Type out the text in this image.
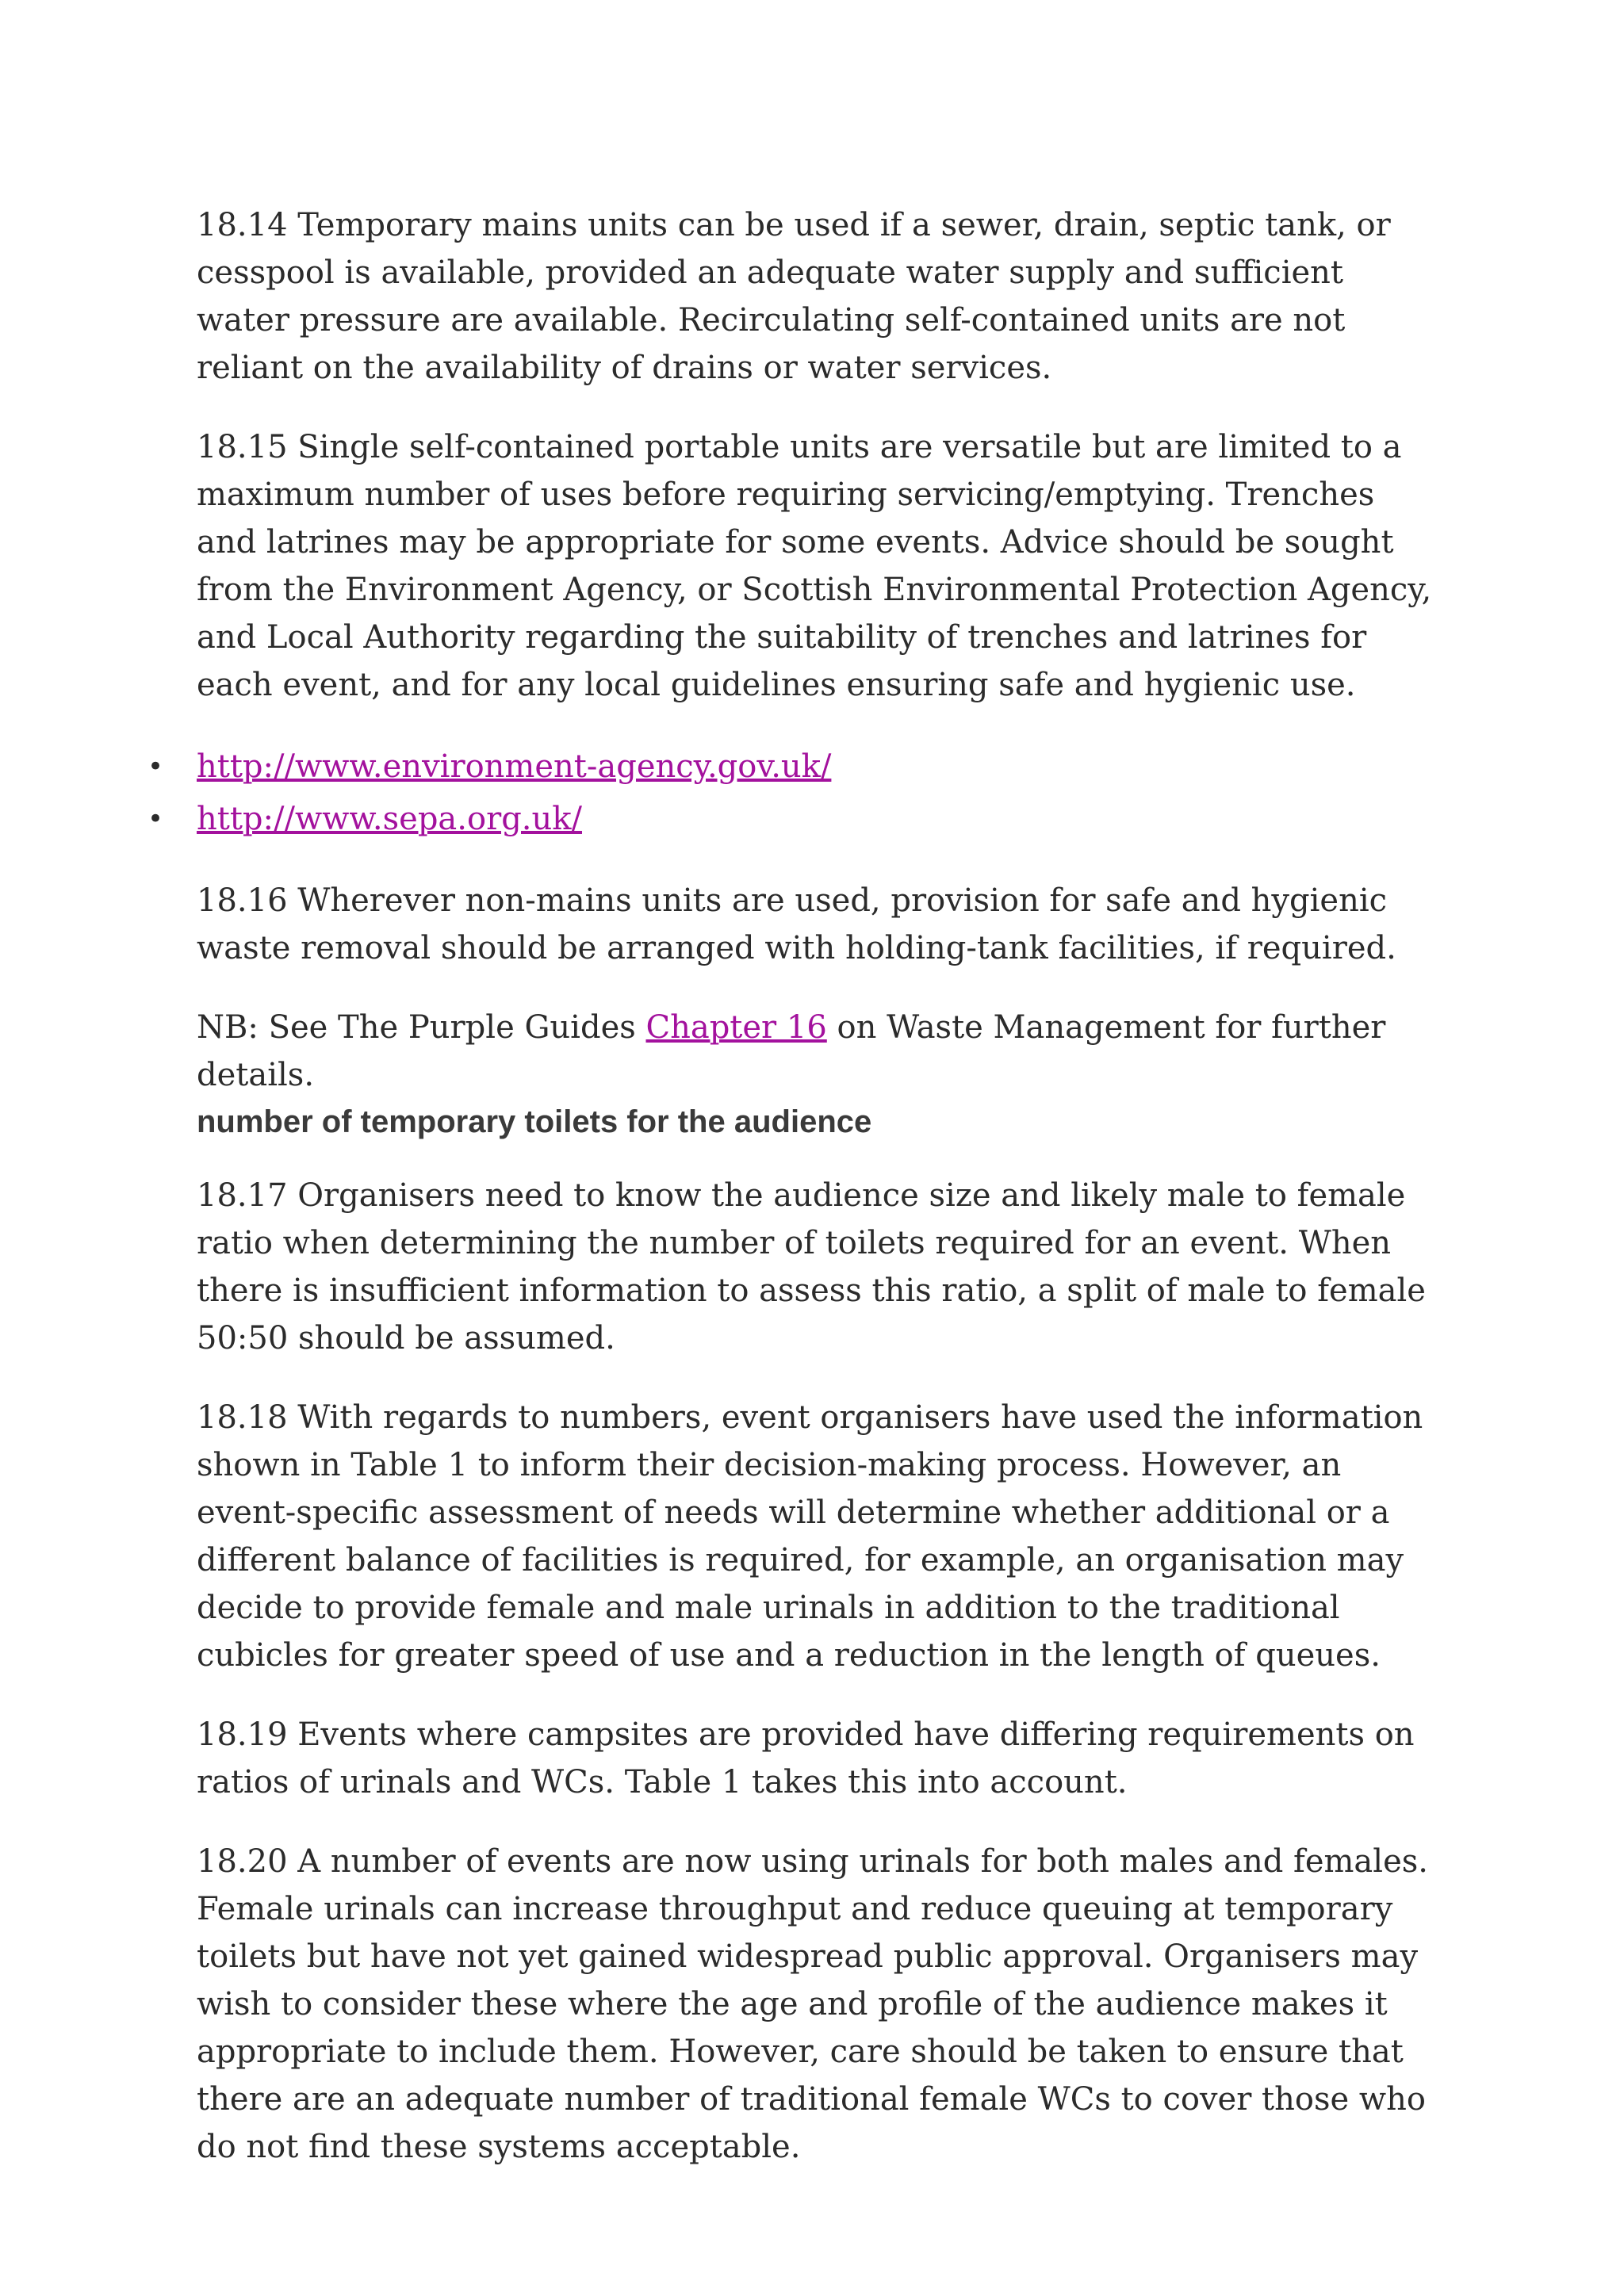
18.14 Temporary mains units can be used if a sewer, drain, septic tank, or cesspool is available, provided an adequate water supply and sufficient water pressure are available. Recirculating self-contained units are not reliant on the availability of drains or water services.

18.15 Single self-contained portable units are versatile but are limited to a maximum number of uses before requiring servicing/emptying. Trenches and latrines may be appropriate for some events. Advice should be sought from the Environment Agency, or Scottish Environmental Protection Agency, and Local Authority regarding the suitability of trenches and latrines for each event, and for any local guidelines ensuring safe and hygienic use.

• http://www.environment-agency.gov.uk/
• http://www.sepa.org.uk/

18.16 Wherever non-mains units are used, provision for safe and hygienic waste removal should be arranged with holding-tank facilities, if required.

NB: See The Purple Guides Chapter 16 on Waste Management for further details.

number of temporary toilets for the audience

18.17 Organisers need to know the audience size and likely male to female ratio when determining the number of toilets required for an event. When there is insufficient information to assess this ratio, a split of male to female 50:50 should be assumed.

18.18 With regards to numbers, event organisers have used the information shown in Table 1 to inform their decision-making process. However, an event-specific assessment of needs will determine whether additional or a different balance of facilities is required, for example, an organisation may decide to provide female and male urinals in addition to the traditional cubicles for greater speed of use and a reduction in the length of queues.

18.19 Events where campsites are provided have differing requirements on ratios of urinals and WCs. Table 1 takes this into account.

18.20 A number of events are now using urinals for both males and females. Female urinals can increase throughput and reduce queuing at temporary toilets but have not yet gained widespread public approval. Organisers may wish to consider these where the age and profile of the audience makes it appropriate to include them. However, care should be taken to ensure that there are an adequate number of traditional female WCs to cover those who do not find these systems acceptable.
